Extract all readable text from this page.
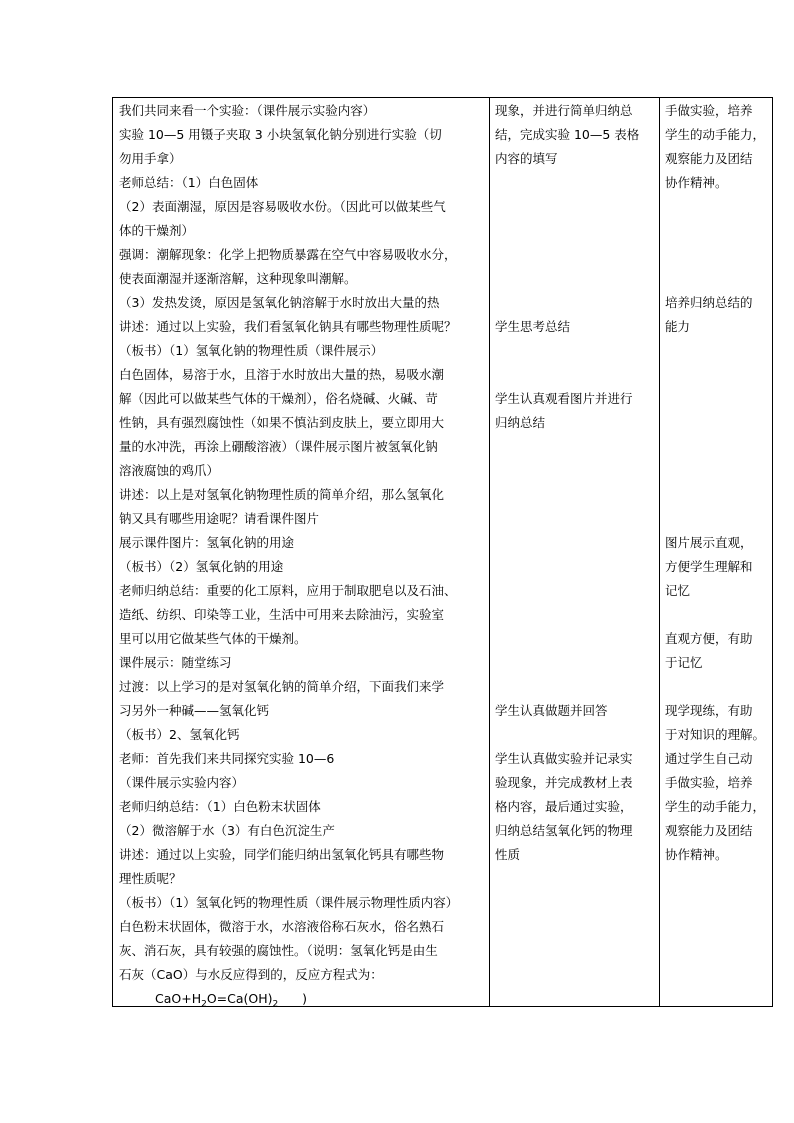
我们共同来看一个实验：（课件展示实验内容）
实验 10—5 用镊子夹取 3 小块氢氧化钠分别进行实验（切
勿用手拿）
老师总结：（1）白色固体
（2）表面潮湿，原因是容易吸收水份。（因此可以做某些气
体的干燥剂）
强调：潮解现象：化学上把物质暴露在空气中容易吸收水分，
使表面潮湿并逐渐溶解，这种现象叫潮解。
（3）发热发烫，原因是氢氧化钠溶解于水时放出大量的热
讲述：通过以上实验，我们看氢氧化钠具有哪些物理性质呢？
（板书）（1）氢氧化钠的物理性质（课件展示）
白色固体，易溶于水，且溶于水时放出大量的热，易吸水潮
解（因此可以做某些气体的干燥剂），俗名烧碱、火碱、苛
性钠，具有强烈腐蚀性（如果不慎沾到皮肤上，要立即用大
量的水冲洗，再涂上硼酸溶液）（课件展示图片被氢氧化钠
溶液腐蚀的鸡爪）
讲述：以上是对氢氧化钠物理性质的简单介绍，那么氢氧化
钠又具有哪些用途呢？请看课件图片
展示课件图片：氢氧化钠的用途
（板书）（2）氢氧化钠的用途
老师归纳总结：重要的化工原料，应用于制取肥皂以及石油、
造纸、纺织、印染等工业，生活中可用来去除油污，实验室
里可以用它做某些气体的干燥剂。
课件展示：随堂练习
过渡：以上学习的是对氢氧化钠的简单介绍，下面我们来学
习另外一种碱——氢氧化钙
（板书）2、氢氧化钙
老师：首先我们来共同探究实验 10—6
（课件展示实验内容）
老师归纳总结：（1）白色粉末状固体
（2）微溶解于水（3）有白色沉淀生产
讲述：通过以上实验，同学们能归纳出氢氧化钙具有哪些物
理性质呢？
（板书）（1）氢氧化钙的物理性质（课件展示物理性质内容）
白色粉末状固体，微溶于水，水溶液俗称石灰水，俗名熟石
灰、消石灰，具有较强的腐蚀性。（说明：氢氧化钙是由生
石灰（CaO）与水反应得到的，反应方程式为：
$CaO+H_2O=Ca(OH)_2$      )
现象，并进行简单归纳总
结，完成实验 10—5 表格
内容的填写
学生思考总结
学生认真观看图片并进行
归纳总结
学生认真做题并回答
学生认真做实验并记录实
验现象，并完成教材上表
格内容，最后通过实验，
归纳总结氢氧化钙的物理
性质
手做实验，培养
学生的动手能力，
观察能力及团结
协作精神。
培养归纳总结的
能力
图片展示直观，
方便学生理解和
记忆
直观方便，有助
于记忆
现学现练，有助
于对知识的理解。
通过学生自己动
手做实验，培养
学生的动手能力，
观察能力及团结
协作精神。
